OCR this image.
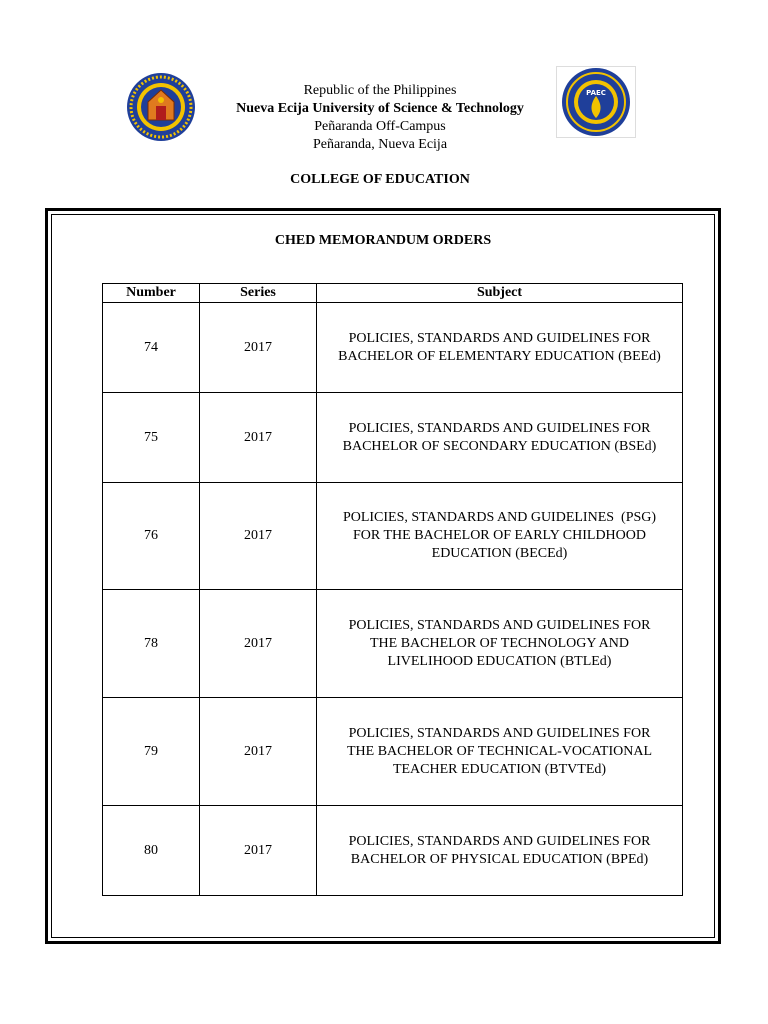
Republic of the Philippines
Nueva Ecija University of Science & Technology
Peñaranda Off-Campus
Peñaranda, Nueva Ecija
PAEC
COLLEGE OF EDUCATION
CHED MEMORANDUM ORDERS
Number	Series	Subject
74	2017	POLICIES, STANDARDS AND GUIDELINES FOR
BACHELOR OF ELEMENTARY EDUCATION (BEEd)

75	2017	POLICIES, STANDARDS AND GUIDELINES FOR
BACHELOR OF SECONDARY EDUCATION (BSEd)

76	2017	POLICIES, STANDARDS AND GUIDELINES  (PSG)
FOR THE BACHELOR OF EARLY CHILDHOOD
EDUCATION (BECEd)

78	2017	POLICIES, STANDARDS AND GUIDELINES FOR
THE BACHELOR OF TECHNOLOGY AND
LIVELIHOOD EDUCATION (BTLEd)

79	2017	POLICIES, STANDARDS AND GUIDELINES FOR
THE BACHELOR OF TECHNICAL-VOCATIONAL
TEACHER EDUCATION (BTVTEd)

80	2017	POLICIES, STANDARDS AND GUIDELINES FOR
BACHELOR OF PHYSICAL EDUCATION (BPEd)
